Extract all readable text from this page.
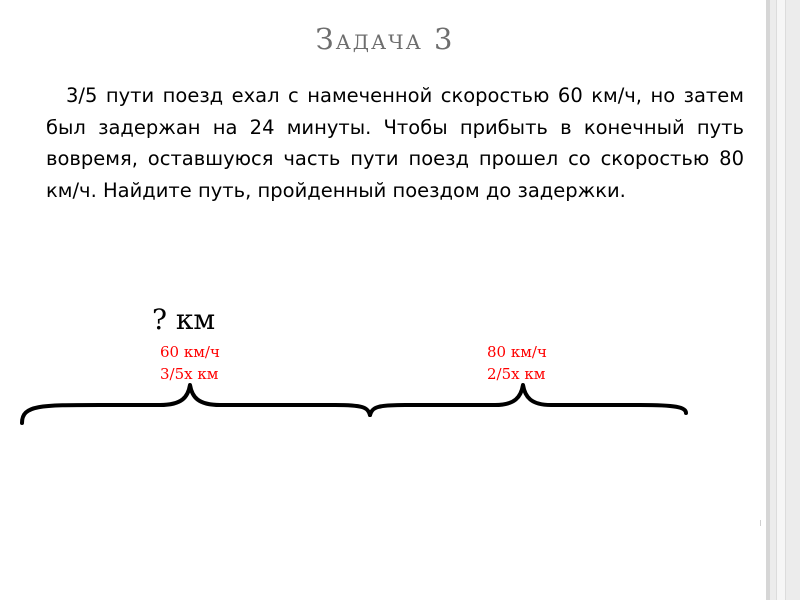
Задача 3

3/5 пути поезд ехал с намеченной скоростью 60 км/ч, но затем был задержан на 24 минуты. Чтобы прибыть в конечный путь вовремя, оставшуюся часть пути поезд прошел со скоростью 80 км/ч. Найдите путь, пройденный поездом до задержки.

? км
60 км/ч
3/5х км
80 км/ч
2/5х км
